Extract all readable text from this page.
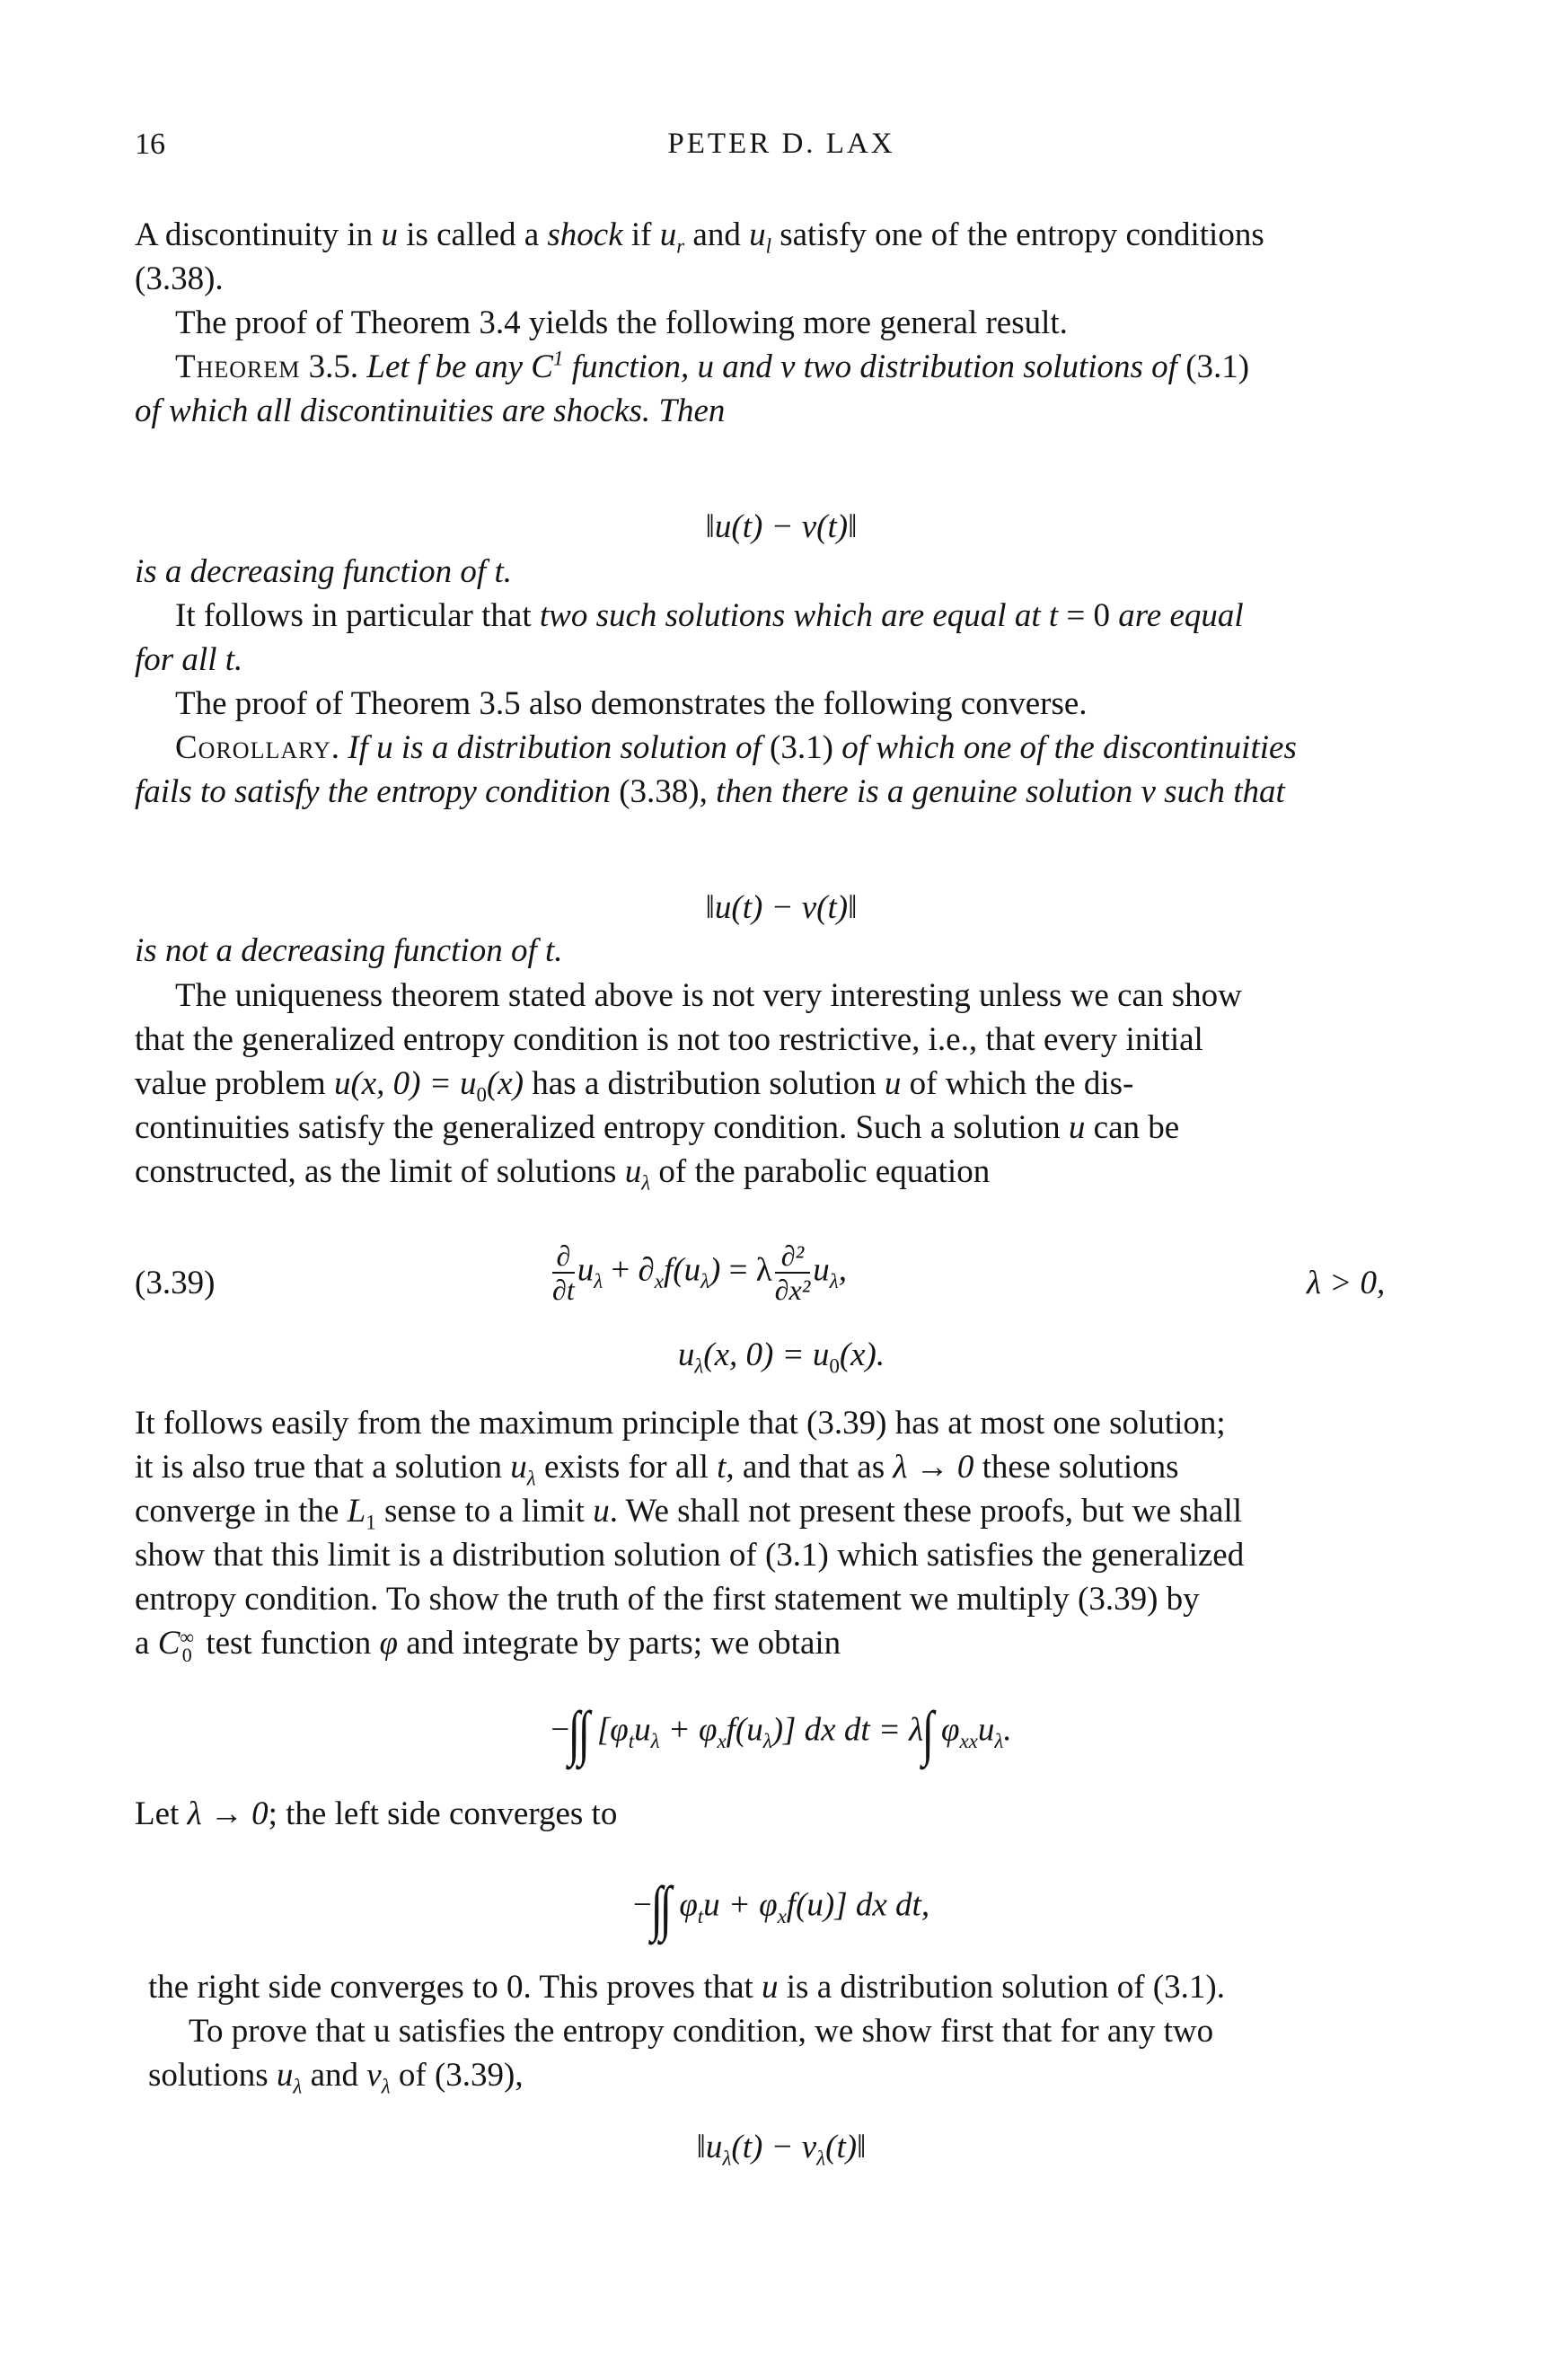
16	PETER D. LAX
A discontinuity in u is called a shock if $u_r$ and $u_l$ satisfy one of the entropy conditions
(3.38).
The proof of Theorem 3.4 yields the following more general result.
Theorem 3.5. Let f be any $C^1$ function, u and v two distribution solutions of (3.1)
of which all discontinuities are shocks. Then
‖u(t) − v(t)‖
is a decreasing function of t.
It follows in particular that two such solutions which are equal at t = 0 are equal
for all t.
The proof of Theorem 3.5 also demonstrates the following converse.
Corollary. If u is a distribution solution of (3.1) of which one of the discontinuities
fails to satisfy the entropy condition (3.38), then there is a genuine solution v such that
‖u(t) − v(t)‖
is not a decreasing function of t.
The uniqueness theorem stated above is not very interesting unless we can show
that the generalized entropy condition is not too restrictive, i.e., that every initial
value problem u(x, $0) = u_0(x)$ has a distribution solution u of which the dis-
continuities satisfy the generalized entropy condition. Such a solution u can be
constructed, as the limit of solutions $u_\lambda$ of the parabolic equation
(3.39)	$\frac{\partial}{\partial t} u_\lambda + \partial_xf(u_\lambda) = \lambda \frac{\text{∂²}}{\text{∂x²}} u_\lambda$,	λ > 0,
$u_\lambda(x$, $0) = u_0(x)$.
It follows easily from the maximum principle that (3.39) has at most one solution;
it is also true that a solution $u_\lambda$ exists for all t, and that as λ → 0 these solutions
converge in the $L_1$ sense to a limit u. We shall not present these proofs, but we shall
show that this limit is a distribution solution of (3.1) which satisfies the generalized
entropy condition. To show the truth of the first statement we multiply (3.39) by
a C ∞
0 test function φ and integrate by parts; we obtain
−∫∫ $[\varphi_tu_\lambda + \varphi_xf(u_\lambda)]$ dx dt = λ∫ $\varphi_{xx}u_\lambda$.
Let λ → 0; the left side converges to
−∫∫ $\varphi_tu + \varphi_xf(u)$] dx dt,
the right side converges to 0. This proves that u is a distribution solution of (3.1).
To prove that u satisfies the entropy condition, we show first that for any two
solutions $u_\lambda$ and $v_\lambda$ of (3.39),
$‖u_\lambda(t)$ − $v_\lambda(t)‖$
